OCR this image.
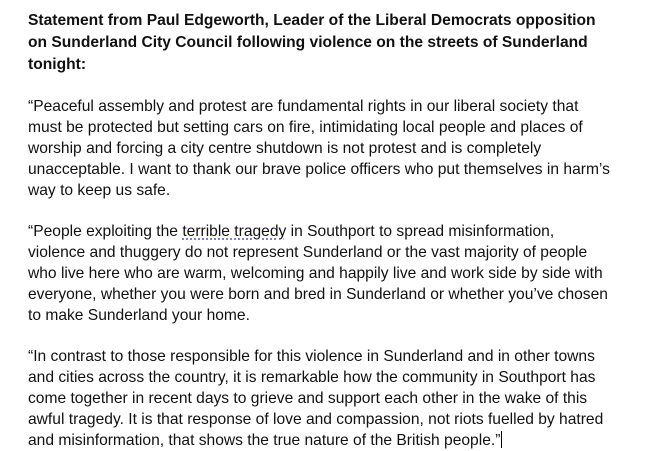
Statement from Paul Edgeworth, Leader of the Liberal Democrats opposition
on Sunderland City Council following violence on the streets of Sunderland
tonight:

“Peaceful assembly and protest are fundamental rights in our liberal society that
must be protected but setting cars on fire, intimidating local people and places of
worship and forcing a city centre shutdown is not protest and is completely
unacceptable. I want to thank our brave police officers who put themselves in harm’s
way to keep us safe.

“People exploiting the terrible tragedy in Southport to spread misinformation,
violence and thuggery do not represent Sunderland or the vast majority of people
who live here who are warm, welcoming and happily live and work side by side with
everyone, whether you were born and bred in Sunderland or whether you’ve chosen
to make Sunderland your home.

“In contrast to those responsible for this violence in Sunderland and in other towns
and cities across the country, it is remarkable how the community in Southport has
come together in recent days to grieve and support each other in the wake of this
awful tragedy. It is that response of love and compassion, not riots fuelled by hatred
and misinformation, that shows the true nature of the British people.”
